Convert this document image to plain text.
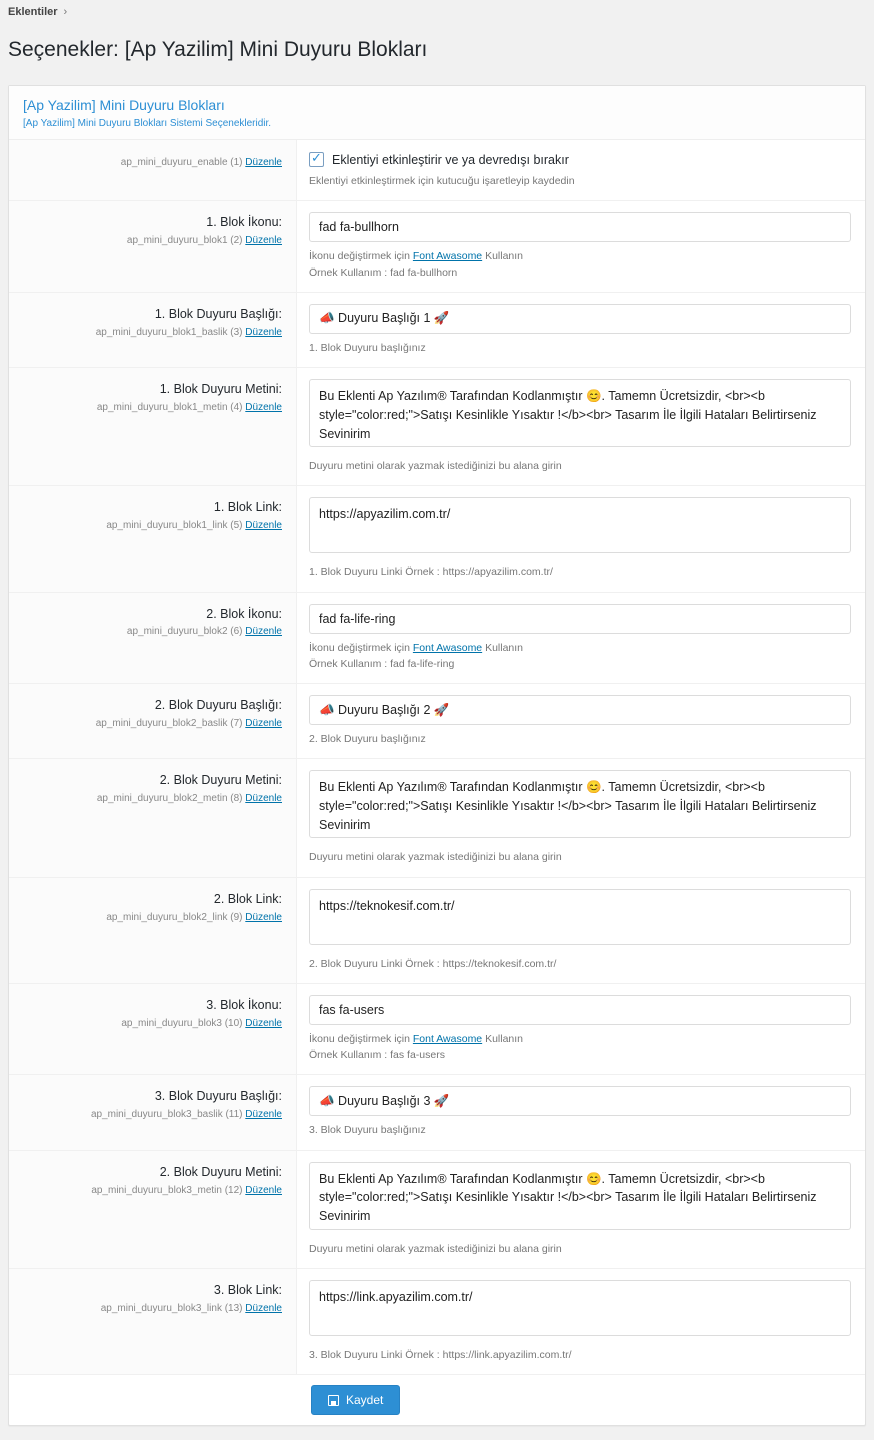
Eklentiler ›
Seçenekler: [Ap Yazilim] Mini Duyuru Blokları
[Ap Yazilim] Mini Duyuru Blokları
[Ap Yazilim] Mini Duyuru Blokları Sistemi Seçenekleridir.
ap_mini_duyuru_enable (1) Düzenle ✓	Eklentiyi etkinleştirir ve ya devredışı bırakır
Eklentiyi etkinleştirmek için kutucuğu işaretleyip kaydedin
1. Blok İkonu:
ap_mini_duyuru_blok1 (2) Düzenle
fad fa-bullhorn
İkonu değiştirmek için Font Awasome Kullanın
Örnek Kullanım : fad fa-bullhorn
1. Blok Duyuru Başlığı:
ap_mini_duyuru_blok1_baslik (3) Düzenle
📣 Duyuru Başlığı 1 🚀
1. Blok Duyuru başlığınız
1. Blok Duyuru Metini:
ap_mini_duyuru_blok1_metin (4) Düzenle
Bu Eklenti Ap Yazılım® Tarafından Kodlanmıştır 😊. Tamemn Ücretsizdir, <br><b style="color:red;">Satışı Kesinlikle Yısaktır !</b><br> Tasarım İle İlgili Hataları Belirtirseniz Sevinirim
Duyuru metini olarak yazmak istediğinizi bu alana girin
1. Blok Link:
ap_mini_duyuru_blok1_link (5) Düzenle
https://apyazilim.com.tr/
1. Blok Duyuru Linki Örnek : https://apyazilim.com.tr/
2. Blok İkonu:
ap_mini_duyuru_blok2 (6) Düzenle
fad fa-life-ring
İkonu değiştirmek için Font Awasome Kullanın
Örnek Kullanım : fad fa-life-ring
2. Blok Duyuru Başlığı:
ap_mini_duyuru_blok2_baslik (7) Düzenle
📣 Duyuru Başlığı 2 🚀
2. Blok Duyuru başlığınız
2. Blok Duyuru Metini:
ap_mini_duyuru_blok2_metin (8) Düzenle
Bu Eklenti Ap Yazılım® Tarafından Kodlanmıştır 😊. Tamemn Ücretsizdir, <br><b style="color:red;">Satışı Kesinlikle Yısaktır !</b><br> Tasarım İle İlgili Hataları Belirtirseniz Sevinirim
Duyuru metini olarak yazmak istediğinizi bu alana girin
2. Blok Link:
ap_mini_duyuru_blok2_link (9) Düzenle
https://teknokesif.com.tr/
2. Blok Duyuru Linki Örnek : https://teknokesif.com.tr/
3. Blok İkonu:
ap_mini_duyuru_blok3 (10) Düzenle
fas fa-users
İkonu değiştirmek için Font Awasome Kullanın
Örnek Kullanım : fas fa-users
3. Blok Duyuru Başlığı:
ap_mini_duyuru_blok3_baslik (11) Düzenle
📣 Duyuru Başlığı 3 🚀
3. Blok Duyuru başlığınız
2. Blok Duyuru Metini:
ap_mini_duyuru_blok3_metin (12) Düzenle
Bu Eklenti Ap Yazılım® Tarafından Kodlanmıştır 😊. Tamemn Ücretsizdir, <br><b style="color:red;">Satışı Kesinlikle Yısaktır !</b><br> Tasarım İle İlgili Hataları Belirtirseniz Sevinirim
Duyuru metini olarak yazmak istediğinizi bu alana girin
3. Blok Link:
ap_mini_duyuru_blok3_link (13) Düzenle
https://link.apyazilim.com.tr/
3. Blok Duyuru Linki Örnek : https://link.apyazilim.com.tr/
Kaydet
